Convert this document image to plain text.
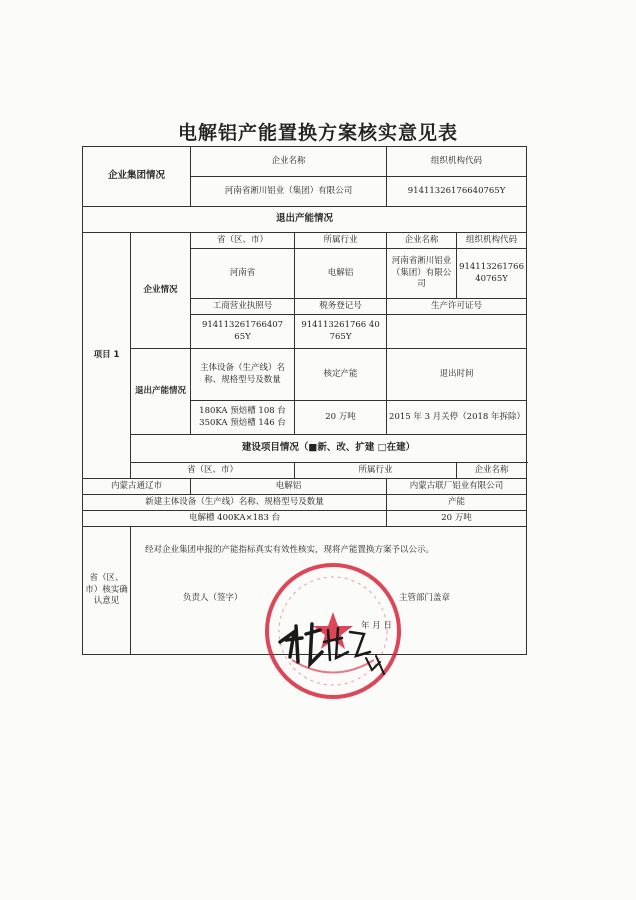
电解铝产能置换方案核实意见表
企业集团情况		企业名称		组织机构代码	
		河南省淅川铝业（集团）有限公司		91411326176640765Y	
退出产能情况					
项目 1	企业情况	省（区、市）	所属行业	企业名称	组织机构代码
		河南省	电解铝	河南省淅川铝业（集团）有限公司	914113261766 40765Y
		工商营业执照号	税务登记号	生产许可证号	
		914113261766407 65Y	914113261766 40 765Y		
	退出产能情况	主体设备（生产线）名称、规格型号及数量	核定产能	退出时间	
		180KA 预焙槽 108 台 350KA 预焙槽 146 台	20 万吨	2015 年 3 月关停（2018 年拆除）	
	建设项目情况（■新、改、扩建 □在建）				
	省（区、市）		所属行业		企业名称
内蒙古通辽市		电解铝		内蒙古联厂铝业有限公司	
新建主体设备（生产线）名称、规格型号及数量				产能	
电解槽 400KA×183 台				20 万吨	
省（区、市）核实确认意见	经对企业集团申报的产能指标真实有效性核实，现将产能置换方案予以公示。
负责人（签字） 主管部门盖章
年 月 日				
